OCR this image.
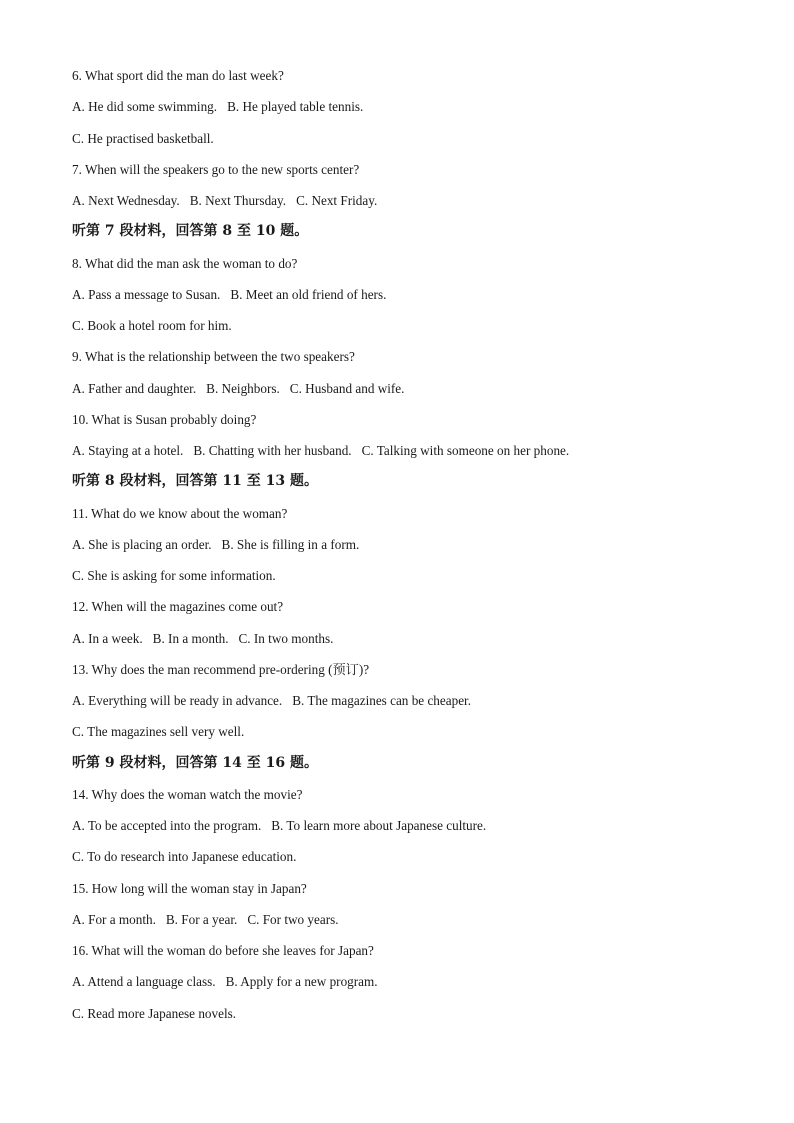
6. What sport did the man do last week?
A. He did some swimming. B. He played table tennis.
C. He practised basketball.
7. When will the speakers go to the new sports center?
A. Next Wednesday. B. Next Thursday. C. Next Friday.
听第 7 段材料，回答第 8 至 10 题。
8. What did the man ask the woman to do?
A. Pass a message to Susan. B. Meet an old friend of hers.
C. Book a hotel room for him.
9. What is the relationship between the two speakers?
A. Father and daughter. B. Neighbors. C. Husband and wife.
10. What is Susan probably doing?
A. Staying at a hotel. B. Chatting with her husband. C. Talking with someone on her phone.
听第 8 段材料，回答第 11 至 13 题。
11. What do we know about the woman?
A. She is placing an order. B. She is filling in a form.
C. She is asking for some information.
12. When will the magazines come out?
A. In a week. B. In a month. C. In two months.
13. Why does the man recommend pre-ordering (预订)?
A. Everything will be ready in advance. B. The magazines can be cheaper.
C. The magazines sell very well.
听第 9 段材料，回答第 14 至 16 题。
14. Why does the woman watch the movie?
A. To be accepted into the program. B. To learn more about Japanese culture.
C. To do research into Japanese education.
15. How long will the woman stay in Japan?
A. For a month. B. For a year. C. For two years.
16. What will the woman do before she leaves for Japan?
A. Attend a language class. B. Apply for a new program.
C. Read more Japanese novels.
